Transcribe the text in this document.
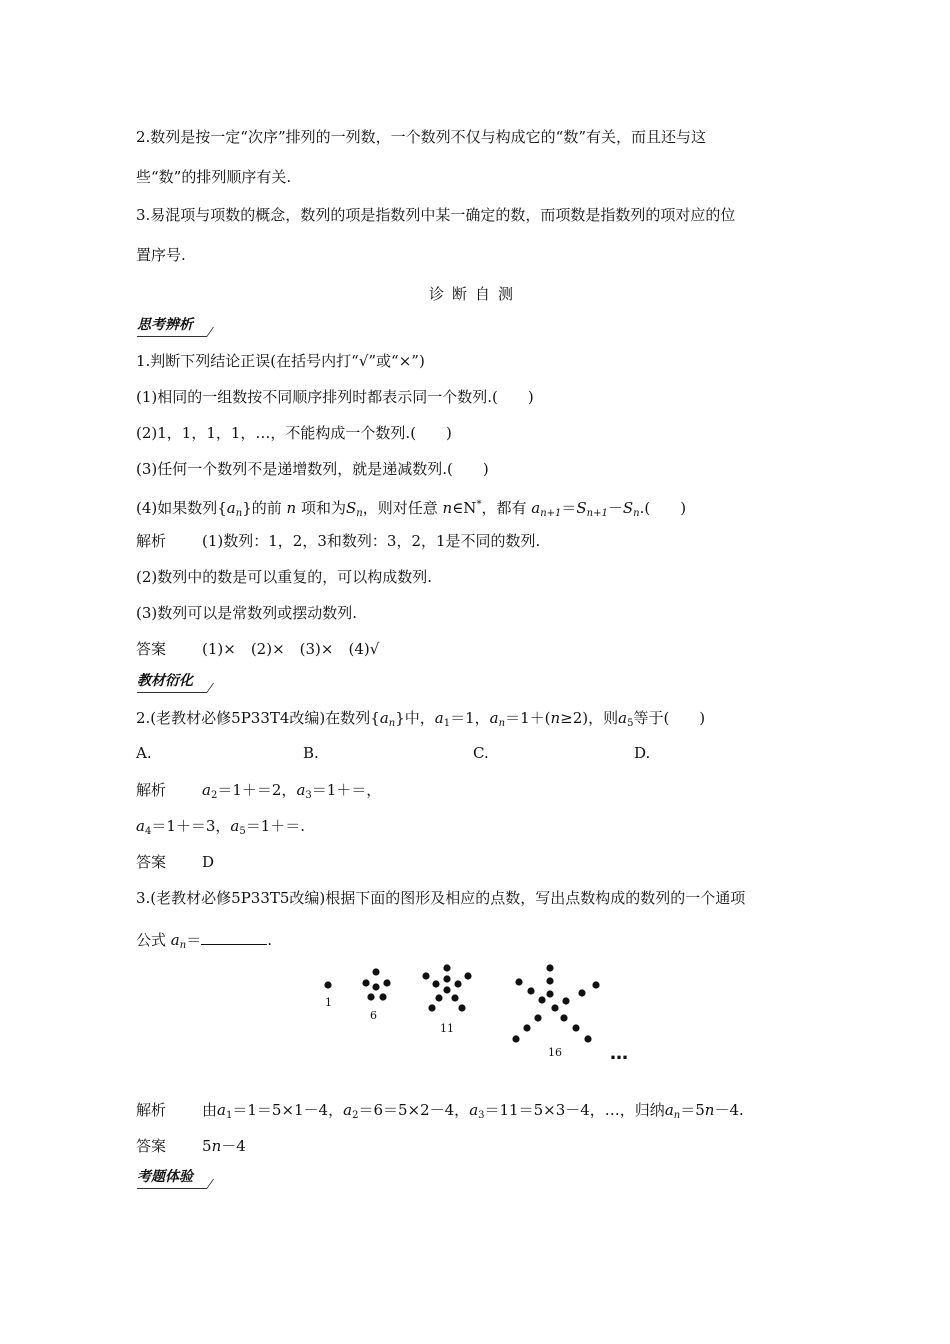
2.数列是按一定“次序”排列的一列数，一个数列不仅与构成它的“数”有关，而且还与这
些“数”的排列顺序有关.
3.易混项与项数的概念，数列的项是指数列中某一确定的数，而项数是指数列的项对应的位
置序号.
诊断自测
思考辨析
1.判断下列结论正误(在括号内打“√”或“×”)
(1)相同的一组数按不同顺序排列时都表示同一个数列.(　　)
(2)1，1，1，1，…，不能构成一个数列.(　　)
(3)任何一个数列不是递增数列，就是递减数列.(　　)
(4)如果数列$\{a_n\}$的前 n 项和为$S_n$，则对任意 n∈N*，都有 $a_{n+1}=S_{n+1}-S_n$.(　　)
解析 (1)数列：1，2，3和数列：3，2，1是不同的数列.
(2)数列中的数是可以重复的，可以构成数列.
(3)数列可以是常数列或摆动数列.
答案 (1)×　(2)×　(3)×　(4)√
教材衍化
2.(老教材必修5P33T4改编)在数列$\{a_n\}$中，$a_1=1$，$a_n=1+(n\ge 2)$，则$a_5$等于(　　)
A.	B.	C.	D.
解析 $a_2=1+=2$，$a_3=1+=$，
$a_4=1+=3$，$a_5=1+=$.
答案 D
3.(老教材必修5P33T5改编)根据下面的图形及相应的点数，写出点数构成的数列的一个通项
公式 $a_n=$	.
1
6
11
16	…
解析 由$a_1=1=5\times 1-4$，$a_2=6=5\times 2-4$，$a_3=11=5\times 3-4$，…，归纳$a_n=5n-4$.
答案 5n－4
考题体验
